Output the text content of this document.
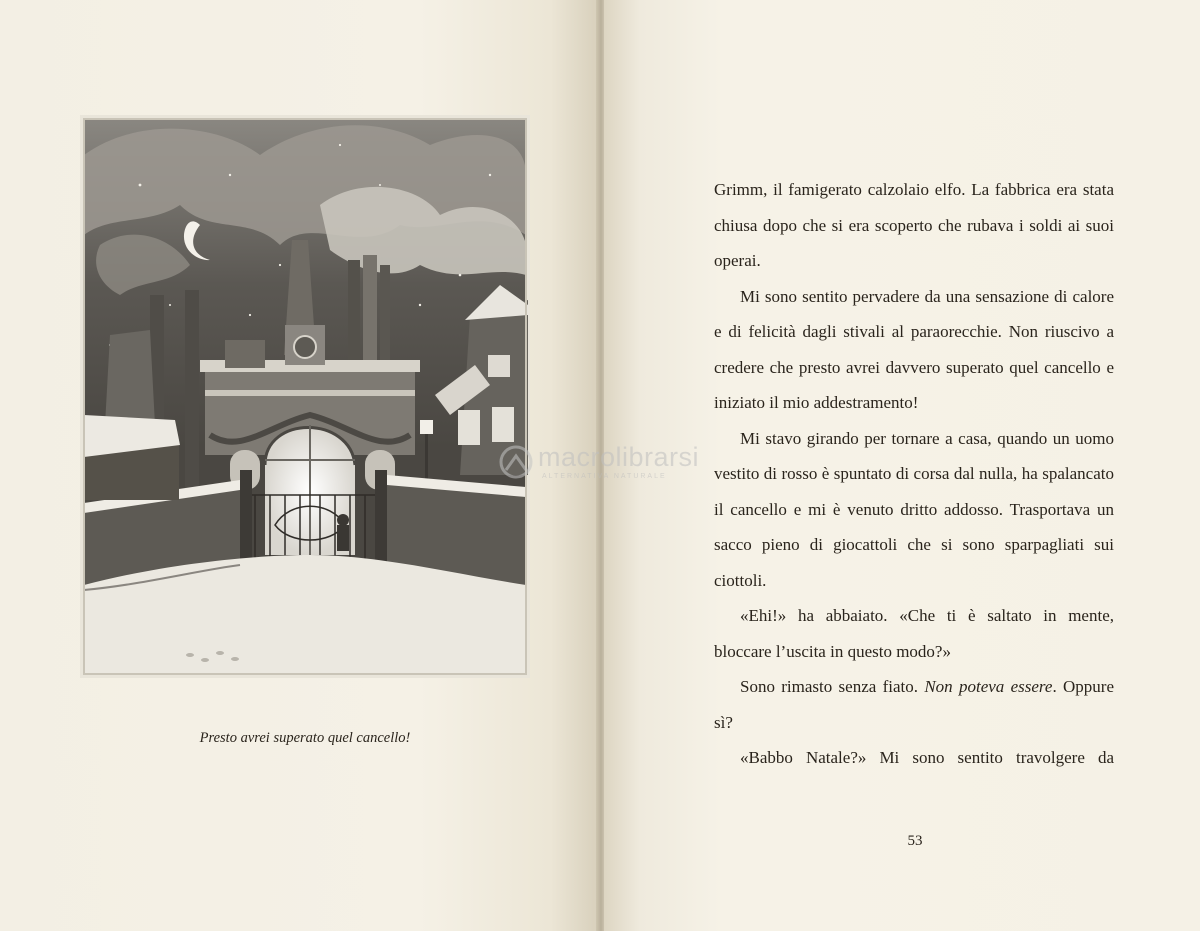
Presto avrei superato quel cancello!

Grimm, il famigerato calzolaio elfo. La fabbrica era stata chiusa dopo che si era scoperto che rubava i soldi ai suoi operai.

Mi sono sentito pervadere da una sensazione di calore e di felicità dagli stivali al paraorecchie. Non riuscivo a credere che presto avrei davvero superato quel cancello e iniziato il mio addestramento!

Mi stavo girando per tornare a casa, quando un uomo vestito di rosso è spuntato di corsa dal nulla, ha spalancato il cancello e mi è venuto dritto addosso. Trasportava un sacco pieno di giocattoli che si sono sparpagliati sui ciottoli.

«Ehi!» ha abbaiato. «Che ti è saltato in mente, bloccare l’uscita in questo modo?»

Sono rimasto senza fiato. Non poteva essere. Oppure sì?

«Babbo Natale?» Mi sono sentito travolgere da

53
macrolibrarsi
ALTERNATIVA NATURALE
